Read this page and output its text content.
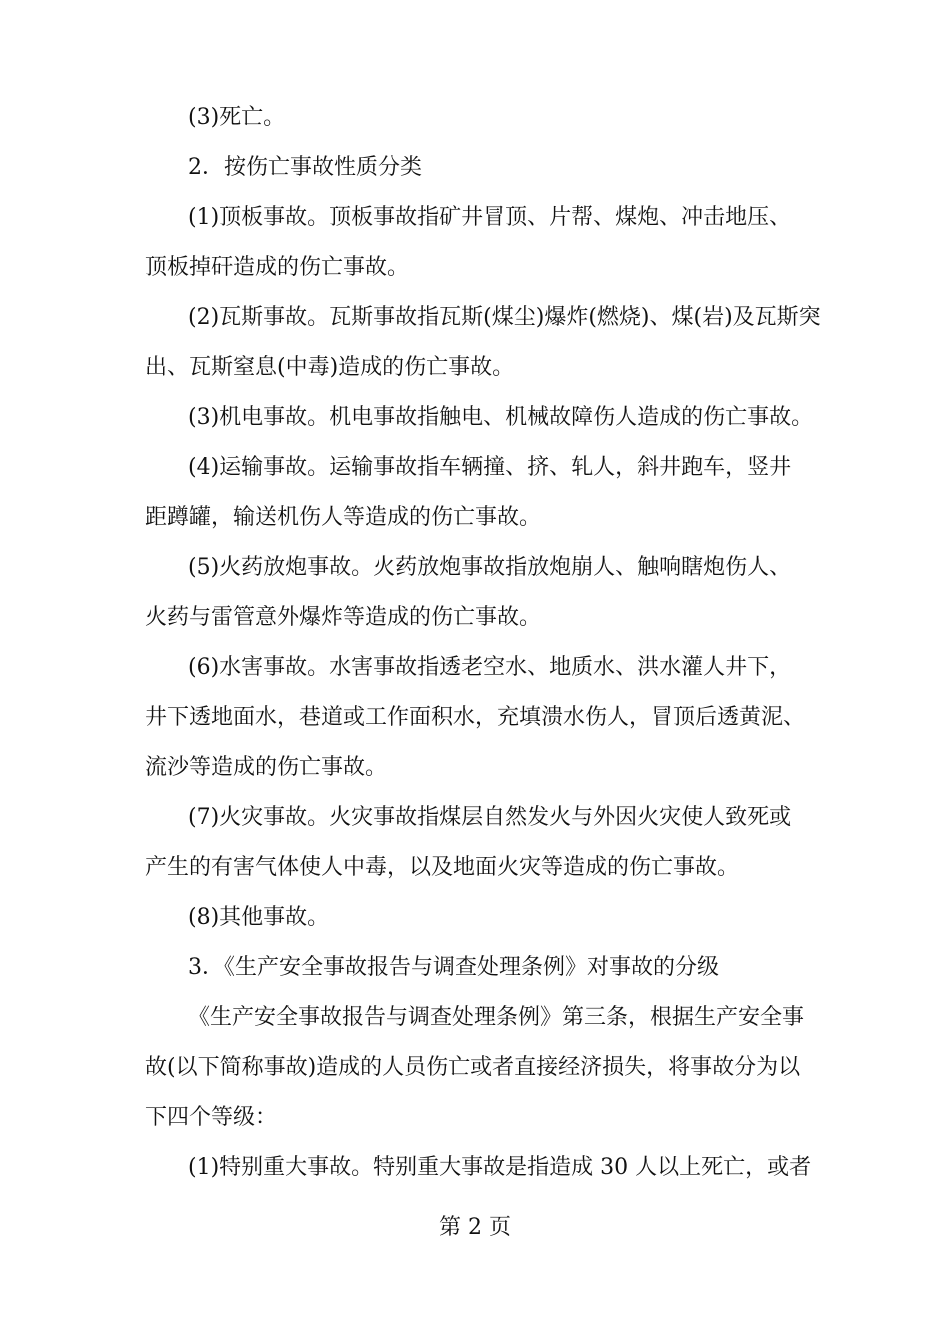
(3)死亡。
2．按伤亡事故性质分类
(1)顶板事故。顶板事故指矿井冒顶、片帮、煤炮、冲击地压、
顶板掉矸造成的伤亡事故。
(2)瓦斯事故。瓦斯事故指瓦斯(煤尘)爆炸(燃烧)、煤(岩)及瓦斯突
出、瓦斯窒息(中毒)造成的伤亡事故。
(3)机电事故。机电事故指触电、机械故障伤人造成的伤亡事故。
(4)运输事故。运输事故指车辆撞、挤、轧人，斜井跑车，竖井
距蹲罐，输送机伤人等造成的伤亡事故。
(5)火药放炮事故。火药放炮事故指放炮崩人、触响瞎炮伤人、
火药与雷管意外爆炸等造成的伤亡事故。
(6)水害事故。水害事故指透老空水、地质水、洪水灌人井下，
井下透地面水，巷道或工作面积水，充填溃水伤人，冒顶后透黄泥、
流沙等造成的伤亡事故。
(7)火灾事故。火灾事故指煤层自然发火与外因火灾使人致死或
产生的有害气体使人中毒，以及地面火灾等造成的伤亡事故。
(8)其他事故。
3．《生产安全事故报告与调查处理条例》对事故的分级
《生产安全事故报告与调查处理条例》第三条，根据生产安全事
故(以下简称事故)造成的人员伤亡或者直接经济损失，将事故分为以
下四个等级：
(1)特别重大事故。特别重大事故是指造成 30 人以上死亡，或者
第 2 页
